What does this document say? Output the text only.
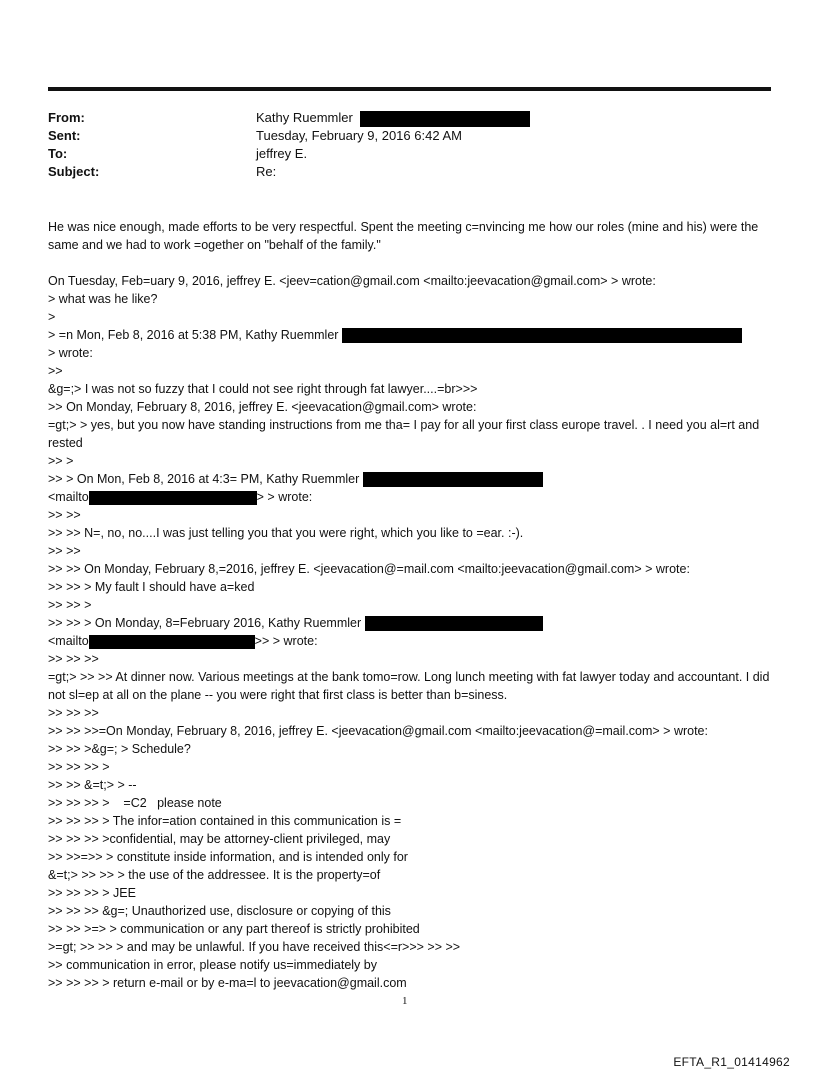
From:	Kathy Ruemmler
Sent:	Tuesday, February 9, 2016 6:42 AM
To:	jeffrey E.
Subject:	Re:

He was nice enough, made efforts to be very respectful. Spent the meeting c=nvincing me how our roles (mine and his) were the same and we had to work =ogether on "behalf of the family."

On Tuesday, Feb=uary 9, 2016, jeffrey E. <jeev=cation@gmail.com <mailto:jeevacation@gmail.com> > wrote:

> what was he like?

>

> =n Mon, Feb 8, 2016 at 5:38 PM, Kathy Ruemmler

> wrote:

>>

&g=;> I was not so fuzzy that I could not see right through fat lawyer....=br>>>

>> On Monday, February 8, 2016, jeffrey E. <jeevacation@gmail.com> wrote:

=gt;> > yes, but you now have standing instructions from me tha= I pay for all your first class europe travel. . I need you al=rt and rested

>> >

>> > On Mon, Feb 8, 2016 at 4:3= PM, Kathy Ruemmler

<mailto	> > wrote:

>> >>

>> >> N=, no, no....I was just telling you that you were right, which you like to =ear. :-).

>> >>

>> >> On Monday, February 8,=2016, jeffrey E. <jeevacation@=mail.com <mailto:jeevacation@gmail.com> > wrote:

>> >> > My fault I should have a=ked

>> >> >

>> >> > On Monday, 8=February 2016, Kathy Ruemmler

<mailto	>> > wrote:

>> >> >>

=gt;> >> >> At dinner now. Various meetings at the bank tomo=row. Long lunch meeting with fat lawyer today and accountant. I did not sl=ep at all on the plane -- you were right that first class is better than b=siness.

>> >> >>

>> >> >>=On Monday, February 8, 2016, jeffrey E. <jeevacation@gmail.com <mailto:jeevacation@=mail.com> > wrote:

>> >> >&g=; > Schedule?

>> >> >> >

>> >> &=t;> > --

>> >> >> >    =C2   please note

>> >> >> > The infor=ation contained in this communication is =

>> >> >> >confidential, may be attorney-client privileged, may

>> >>=>> > constitute inside information, and is intended only for

&=t;> >> >> > the use of the addressee. It is the property=of

>> >> >> > JEE

>> >> >> &g=; Unauthorized use, disclosure or copying of this

>> >> >=> > communication or any part thereof is strictly prohibited

>=gt; >> >> > and may be unlawful. If you have received this<=r>>> >> >>

>> communication in error, please notify us=immediately by

>> >> >> > return e-mail or by e-ma=l to jeevacation@gmail.com

1
EFTA_R1_01414962
